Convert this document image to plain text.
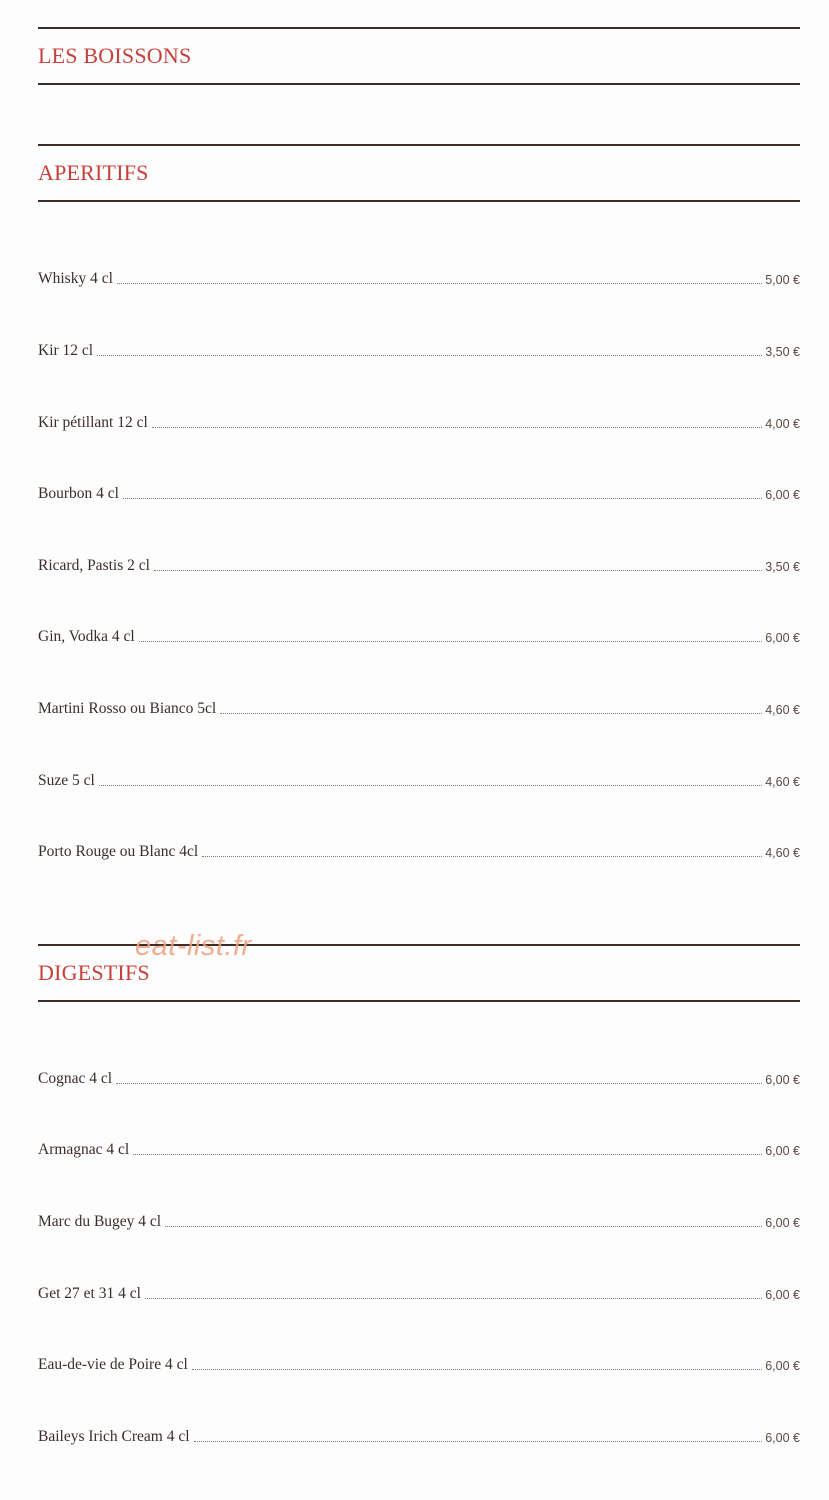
LES BOISSONS
APERITIFS
Whisky 4 cl	5,00 €
Kir 12 cl	3,50 €
Kir pétillant 12 cl	4,00 €
Bourbon 4 cl	6,00 €
Ricard, Pastis 2 cl	3,50 €
Gin, Vodka 4 cl	6,00 €
Martini Rosso ou Bianco 5cl	4,60 €
Suze 5 cl	4,60 €
Porto Rouge ou Blanc 4cl	4,60 €
DIGESTIFS
Cognac 4 cl	6,00 €
Armagnac 4 cl	6,00 €
Marc du Bugey 4 cl	6,00 €
Get 27 et 31 4 cl	6,00 €
Eau-de-vie de Poire 4 cl	6,00 €
Baileys Irich Cream 4 cl	6,00 €
eat-list.fr
